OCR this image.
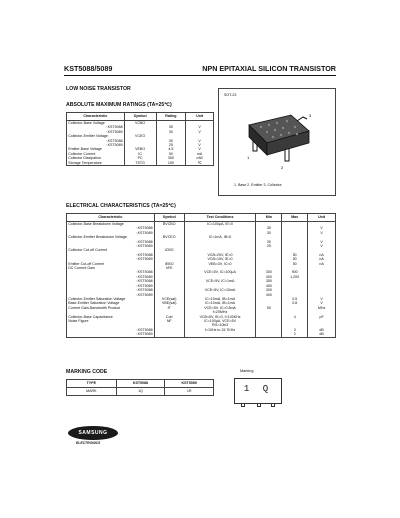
KST5088/5089	NPN EPITAXIAL SILICON TRANSISTOR
LOW NOISE TRANSISTOR
ABSOLUTE MAXIMUM RATINGS (TA=25℃)
Characteristic	Symbol	Rating	Unit
Collector-Base Voltage	VCBO		
: KST5088		35	V
: KST5089		30	V
Collector-Emitter Voltage	VCEO		
: KST5088		30	V
: KST5089		25	V
Emitter-Base Voltage	VEBO	4.5	V
Collector Current	IC	50	mA
Collector Dissipation	PC	350	mW
Storage Temperature	TSTG	150	℃
SOT-23
1
2
3
1. Base 2. Emitter 3. Collector
ELECTRICAL CHARACTERISTICS (TA=25℃)
Characteristic	Symbol	Test Conditions	Min	Max	Unit
Collector-Base Breakdown Voltage	BVCBO	IC=100μA, IE=0			
: KST5088			35		V
: KST5089			30		V
Collector-Emitter Breakdown Voltage	BVCEO	IC=1mA, IB=0			
: KST5088			30		V
: KST5089			25		V
Collector Cut-off Current	ICBO				
: KST5088		VCB=20V, IE=0		50	nA
: KST5089		VCB=15V, IE=0		50	nA
Emitter Cut-off Current	IEBO	VEB=3V, IC=0		50	nA
DC Current Gain	hFE				
: KST5088		VCE=5V, IC=100μA	300	900	
: KST5089			400	1,200	
: KST5088		VCE=5V, IC=1mA	350		
: KST5089			450		
: KST5088		VCE=5V, IC=10mA	300		
: KST5089			400		
Collector-Emitter Saturation Voltage	VCE(sat)	IC=10mA, IB=1mA		0.5	V
Base-Emitter Saturation Voltage	VBE(sat)	IC=10mA, IB=1mA		0.8	V
Current Gain-Bandwidth Product	fT	VCE=5V, IC=0.5mA	50		MHz
		f=20MHz			
Collector-Base Capacitance	Cob	VCB=5V, IE=0, f=100KHz		4	pF
Noise Figure	NF	IC=100μA, VCE=5V			
		RG=10kΩ			
: KST5088		f=10Hz to 15.7KHz		3	dB
: KST5089				2	dB
MARKING CODE
TYPE	KST5088	KST5089
MARK	1Q	1R
Marking
1 Q
SAMSUNG
ELECTRONICS
